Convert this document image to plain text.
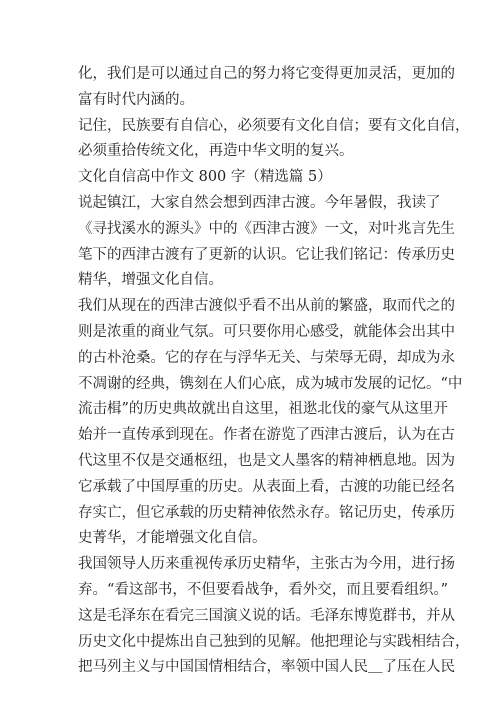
化，我们是可以通过自己的努力将它变得更加灵活，更加的
富有时代内涵的。
记住，民族要有自信心，必须要有文化自信；要有文化自信，
必须重拾传统文化，再造中华文明的复兴。
文化自信高中作文 800 字（精选篇 5）
说起镇江，大家自然会想到西津古渡。今年暑假，我读了
《寻找溪水的源头》中的《西津古渡》一文，对叶兆言先生
笔下的西津古渡有了更新的认识。它让我们铭记：传承历史
精华，增强文化自信。
我们从现在的西津古渡似乎看不出从前的繁盛，取而代之的
则是浓重的商业气氛。可只要你用心感受，就能体会出其中
的古朴沧桑。它的存在与浮华无关、与荣辱无碍，却成为永
不凋谢的经典，镌刻在人们心底，成为城市发展的记忆。“中
流击楫”的历史典故就出自这里，祖逖北伐的豪气从这里开
始并一直传承到现在。作者在游览了西津古渡后，认为在古
代这里不仅是交通枢纽，也是文人墨客的精神栖息地。因为
它承载了中国厚重的历史。从表面上看，古渡的功能已经名
存实亡，但它承载的历史精神依然永存。铭记历史，传承历
史菁华，才能增强文化自信。
我国领导人历来重视传承历史精华，主张古为今用，进行扬
弃。“看这部书，不但要看战争，看外交，而且要看组织。”
这是毛泽东在看完三国演义说的话。毛泽东博览群书，并从
历史文化中提炼出自己独到的见解。他把理论与实践相结合，
把马列主义与中国国情相结合，率领中国人民＿了压在人民
